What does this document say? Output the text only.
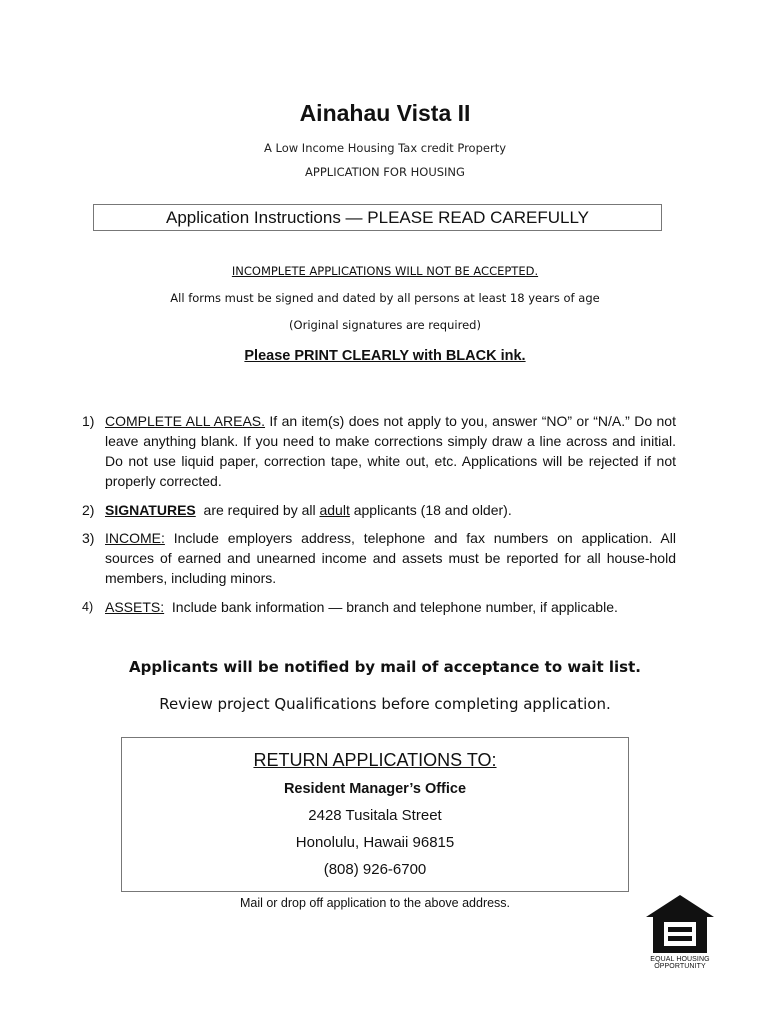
Ainahau Vista II
A Low Income Housing Tax credit Property
APPLICATION FOR HOUSING
Application Instructions — PLEASE READ CAREFULLY
INCOMPLETE APPLICATIONS WILL NOT BE ACCEPTED.
All forms must be signed and dated by all persons at least 18 years of age
(Original signatures are required)
Please PRINT CLEARLY with BLACK ink.
1) COMPLETE ALL AREAS. If an item(s) does not apply to you, answer “NO” or “N/A.” Do not leave anything blank. If you need to make corrections simply draw a line across and initial. Do not use liquid paper, correction tape, white out, etc. Applications will be rejected if not properly corrected.
2) SIGNATURES  are required by all adult applicants (18 and older).
3) INCOME: Include employers address, telephone and fax numbers on application. All sources of earned and unearned income and assets must be reported for all house-hold members, including minors.
4) ASSETS:  Include bank information — branch and telephone number, if applicable.
Applicants will be notified by mail of acceptance to wait list.
Review project Qualifications before completing application.
RETURN APPLICATIONS TO:
Resident Manager’s Office
2428 Tusitala Street
Honolulu, Hawaii 96815
(808) 926-6700
Mail or drop off application to the above address.
EQUAL HOUSING
OPPORTUNITY
